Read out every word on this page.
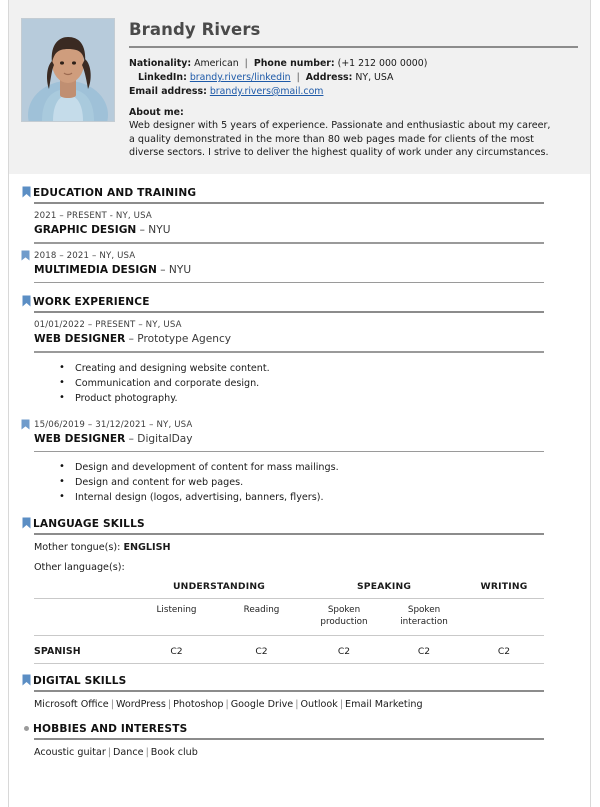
Brandy Rivers
Nationality: American | Phone number: (+1 212 000 0000)
LinkedIn: brandy.rivers/linkedin | Address: NY, USA
Email address: brandy.rivers@mail.com
About me:
Web designer with 5 years of experience. Passionate and enthusiastic about my career, a quality demonstrated in the more than 80 web pages made for clients of the most diverse sectors. I strive to deliver the highest quality of work under any circumstances.
EDUCATION AND TRAINING
2021 – PRESENT - NY, USA
GRAPHIC DESIGN – NYU
2018 – 2021 – NY, USA
MULTIMEDIA DESIGN – NYU
WORK EXPERIENCE
01/01/2022 – PRESENT – NY, USA
WEB DESIGNER – Prototype Agency
• Creating and designing website content.
• Communication and corporate design.
• Product photography.
15/06/2019 – 31/12/2021 – NY, USA
WEB DESIGNER – DigitalDay
• Design and development of content for mass mailings.
• Design and content for web pages.
• Internal design (logos, advertising, banners, flyers).
LANGUAGE SKILLS
Mother tongue(s): ENGLISH
Other language(s):
	UNDERSTANDING		SPEAKING		WRITING
	Listening	Reading	Spoken production	Spoken interaction	
SPANISH	C2	C2	C2	C2	C2
DIGITAL SKILLS
Microsoft Office | WordPress | Photoshop | Google Drive | Outlook | Email Marketing
HOBBIES AND INTERESTS
Acoustic guitar | Dance | Book club
